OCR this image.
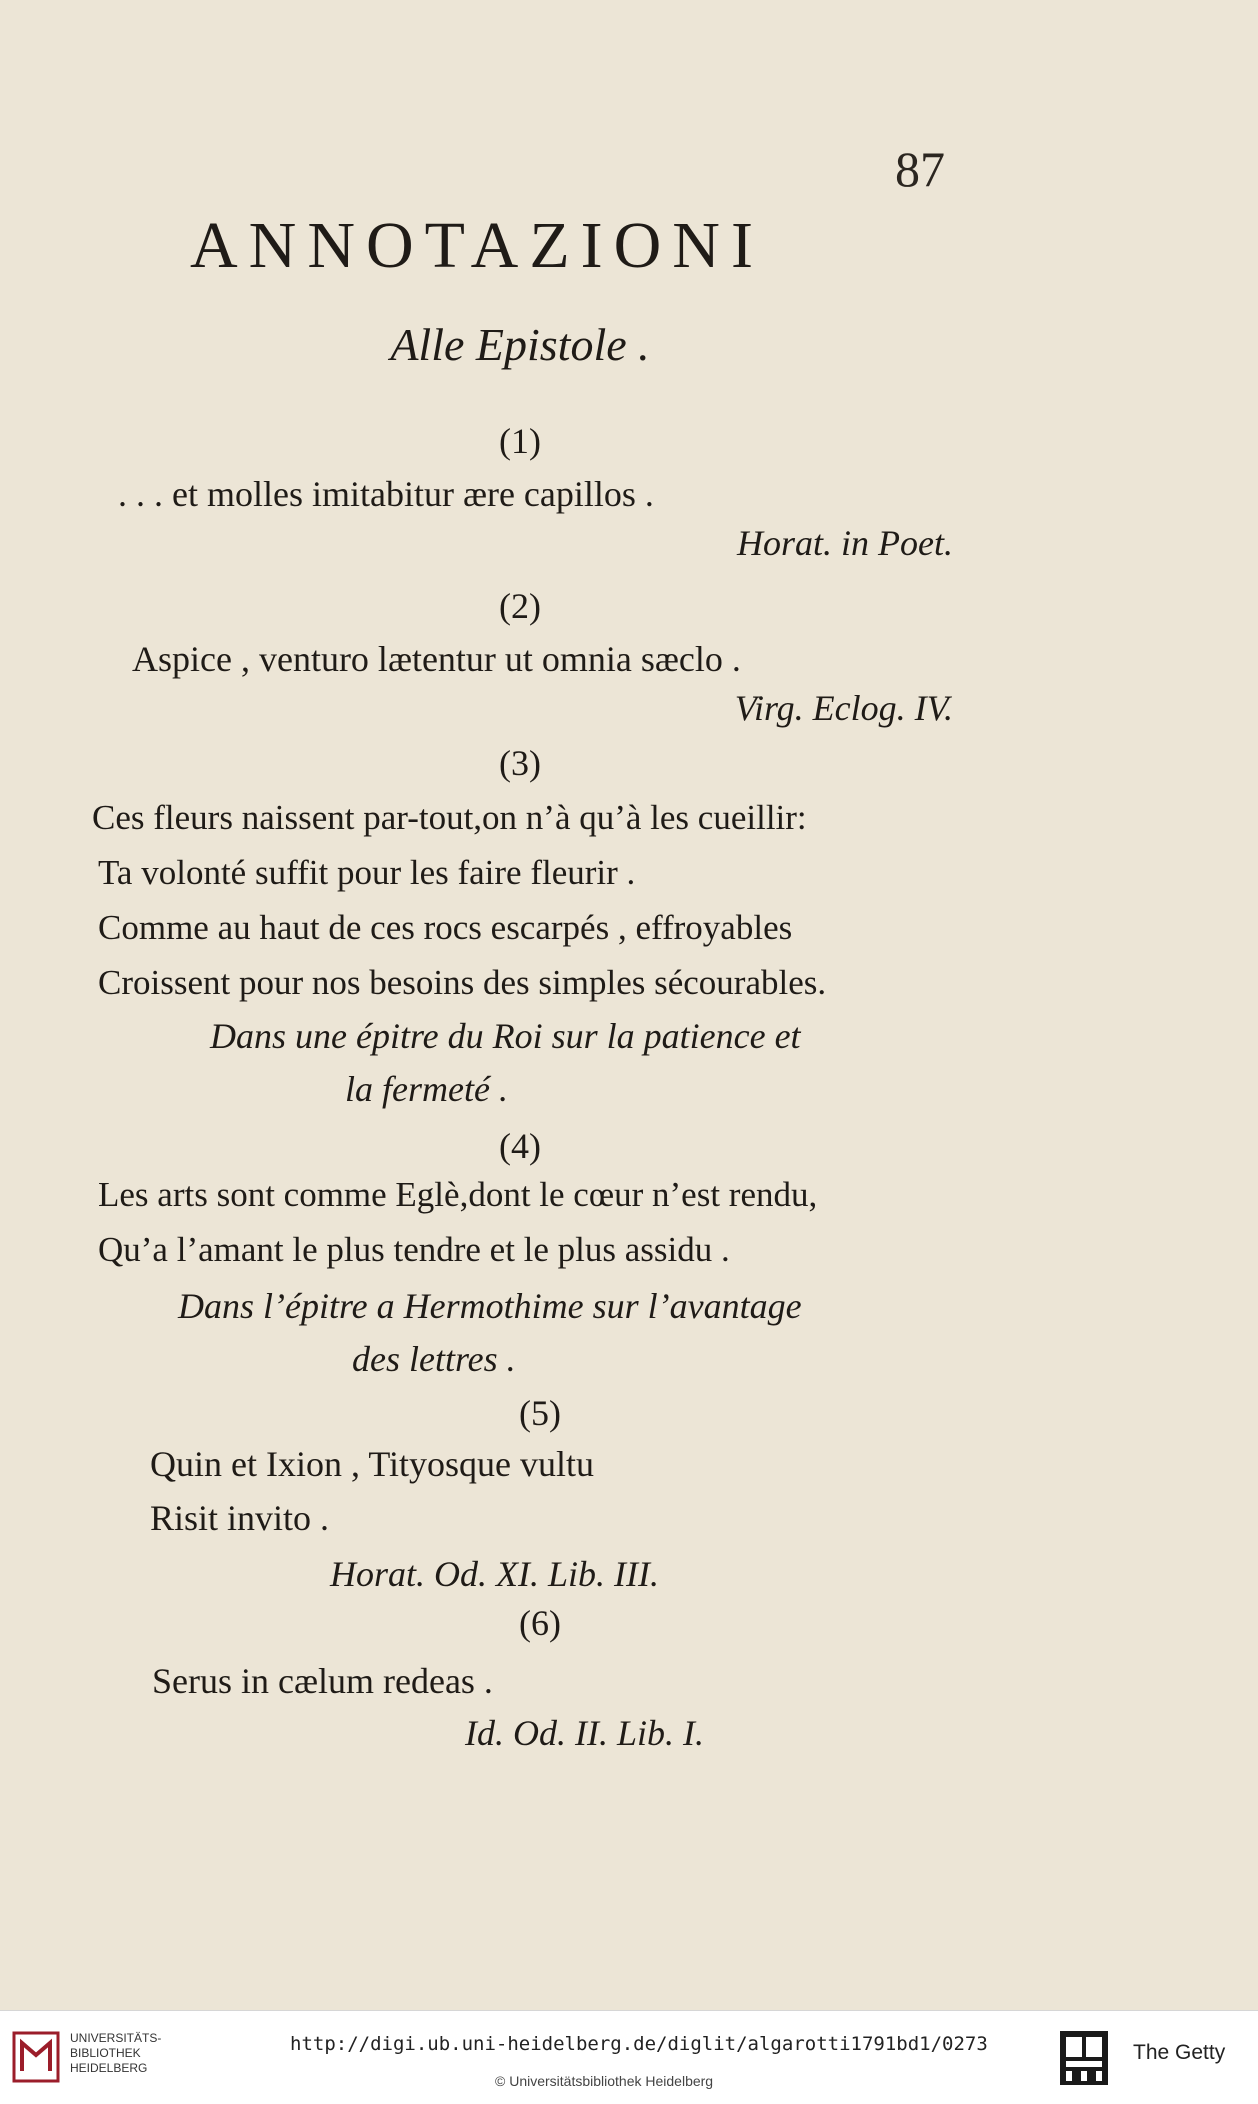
87
ANNOTAZIONI
Alle Epistole .
(1)
. . . et molles imitabitur ære capillos .
Horat. in Poet.
(2)
Aspice , venturo lætentur ut omnia sæclo .
Virg. Eclog. IV.
(3)
Ces fleurs naissent par-tout,on n’à qu’à les cueillir:
Ta volonté suffit pour les faire fleurir .
Comme au haut de ces rocs escarpés , effroyables
Croissent pour nos besoins des simples sécourables.
Dans une épitre du Roi sur la patience et
la fermeté .
(4)
Les arts sont comme Eglè,dont le cœur n’est rendu,
Qu’a l’amant le plus tendre et le plus assidu .
Dans l’épitre a Hermothime sur l’avantage
des lettres .
(5)
Quin et Ixion , Tityosque vultu
Risit invito .
Horat. Od. XI. Lib. III.
(6)
Serus in cælum redeas .
Id. Od. II. Lib. I.
UNIVERSITÄTS-
BIBLIOTHEK
HEIDELBERG
http://digi.ub.uni-heidelberg.de/diglit/algarotti1791bd1/0273
© Universitätsbibliothek Heidelberg
The Getty
